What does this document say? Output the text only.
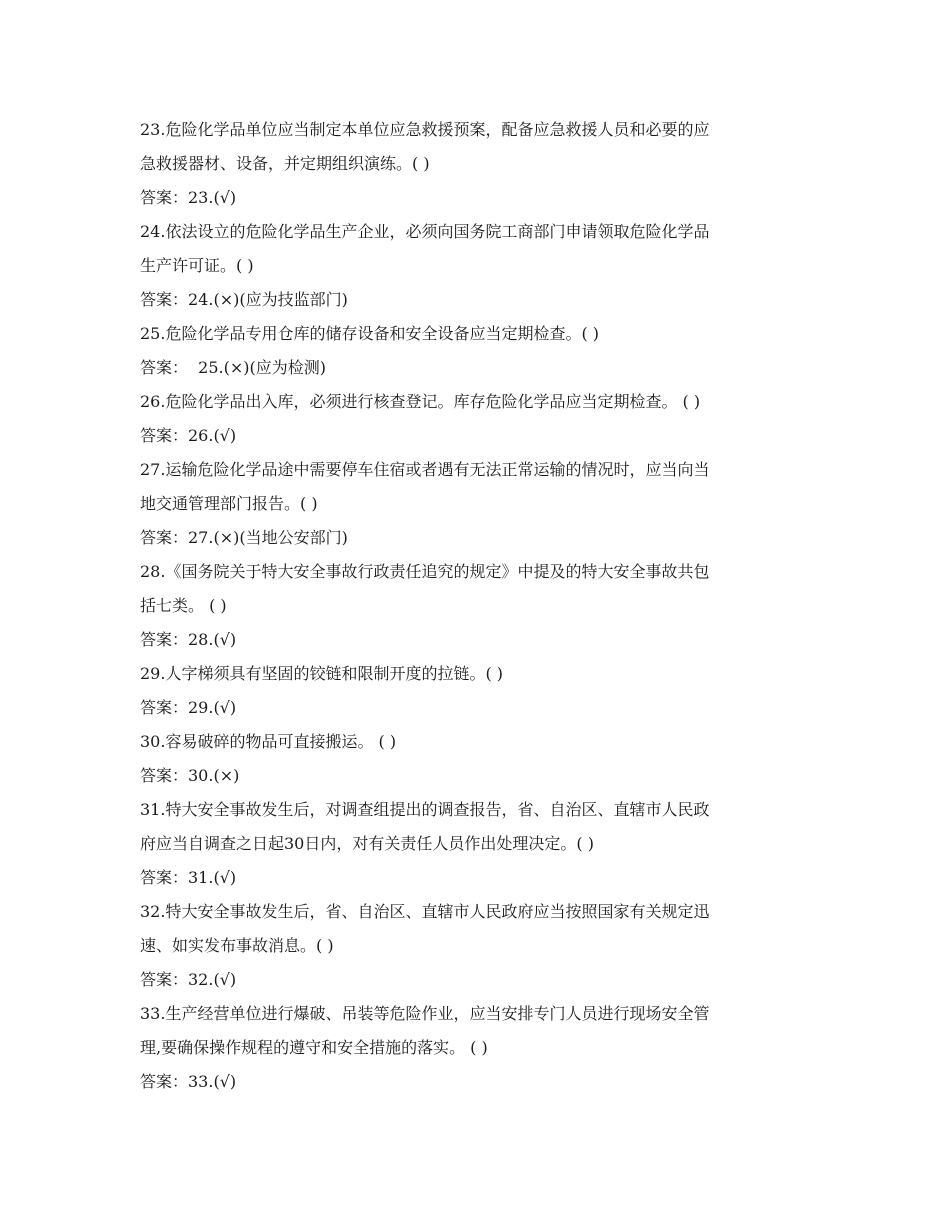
23.危险化学品单位应当制定本单位应急救援预案，配备应急救援人员和必要的应
急救援器材、设备，并定期组织演练。( )
答案：23.(√)
24.依法设立的危险化学品生产企业，必须向国务院工商部门申请领取危险化学品
生产许可证。( )
答案：24.(×)(应为技监部门)
25.危险化学品专用仓库的储存设备和安全设备应当定期检查。( )
答案：  25.(×)(应为检测)
26.危险化学品出入库，必须进行核查登记。库存危险化学品应当定期检查。 ( )
答案：26.(√)
27.运输危险化学品途中需要停车住宿或者遇有无法正常运输的情况时，应当向当
地交通管理部门报告。( )
答案：27.(×)(当地公安部门)
28.《国务院关于特大安全事故行政责任追究的规定》中提及的特大安全事故共包
括七类。 ( )
答案：28.(√)
29.人字梯须具有坚固的铰链和限制开度的拉链。( )
答案：29.(√)
30.容易破碎的物品可直接搬运。 ( )
答案：30.(×)
31.特大安全事故发生后，对调查组提出的调查报告，省、自治区、直辖市人民政
府应当自调查之日起30日内，对有关责任人员作出处理决定。( )
答案：31.(√)
32.特大安全事故发生后，省、自治区、直辖市人民政府应当按照国家有关规定迅
速、如实发布事故消息。( )
答案：32.(√)
33.生产经营单位进行爆破、吊装等危险作业，应当安排专门人员进行现场安全管
理,要确保操作规程的遵守和安全措施的落实。 ( )
答案：33.(√)
